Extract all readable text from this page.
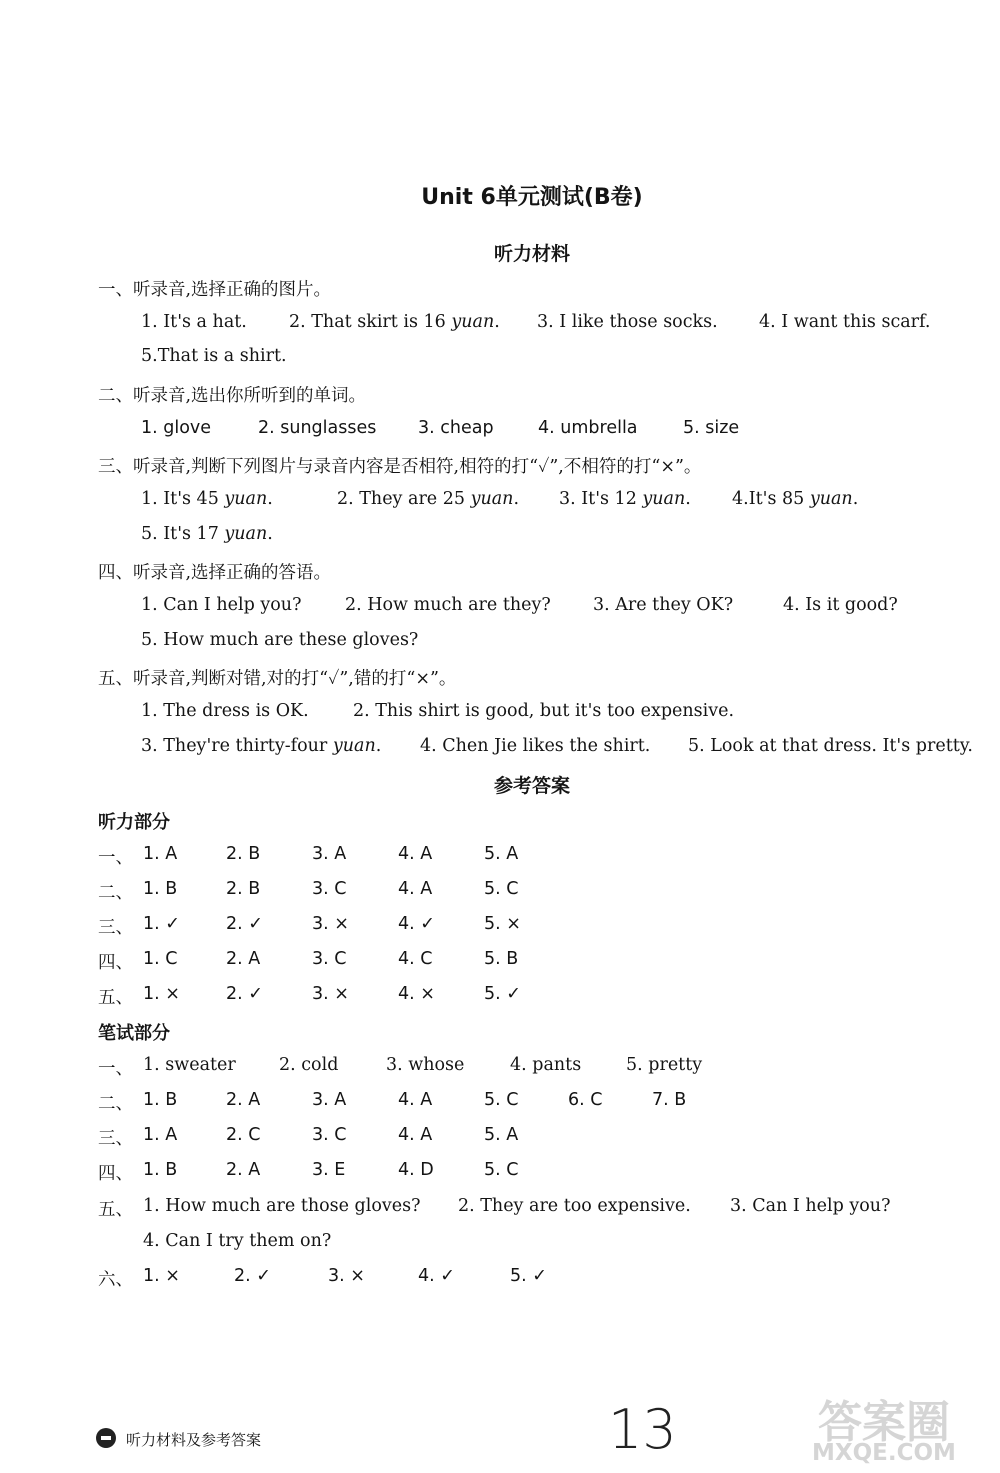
Unit 6单元测试(B卷)
听力材料
一、听录音,选择正确的图片。
1. It's a hat. 2. That skirt is 16 yuan. 3. I like those socks. 4. I want this scarf.
5.That is a shirt.
二、听录音,选出你所听到的单词。
1. glove	2. sunglasses 3. cheap	4. umbrella	5. size
三、听录音,判断下列图片与录音内容是否相符,相符的打“✓”,不相符的打“×”。
1. It's 45 yuan.	2. They are 25 yuan. 3. It's 12 yuan. 4.It's 85 yuan.
5. It's 17 yuan.
四、听录音,选择正确的答语。
1. Can I help you? 2. How much are they? 3. Are they OK?	4. Is it good?
5. How much are these gloves?
五、听录音,判断对错,对的打“✓”,错的打“×”。
1. The dress is OK.	2. This shirt is good, but it's too expensive.
3. They're thirty-four yuan. 4. Chen Jie likes the shirt. 5. Look at that dress. It's pretty.
参考答案
听力部分
一、 1. A	2. B	3. A	4. A	5. A
二、 1. B	2. B	3. C	4. A	5. C
三、 1. ✓	2. ✓	3. ×	4. ✓	5. ×
四、 1. C	2. A	3. C	4. C	5. B
五、 1. ×	2. ✓	3. ×	4. ×	5. ✓
笔试部分
一、 1. sweater 2. cold	3. whose	4. pants	5. pretty
二、 1. B	2. A	3. A	4. A	5. C	6. C	7. B
三、 1. A	2. C	3. C	4. A	5. A
四、 1. B	2. A	3. E	4. D	5. C
五、 1. How much are those gloves? 2. They are too expensive. 3. Can I help you?
4. Can I try them on?
六、 1. ×	2. ✓	3. ×	4. ✓	5. ✓
听力材料及参考答案	13	答案圈
MXQE.COM
